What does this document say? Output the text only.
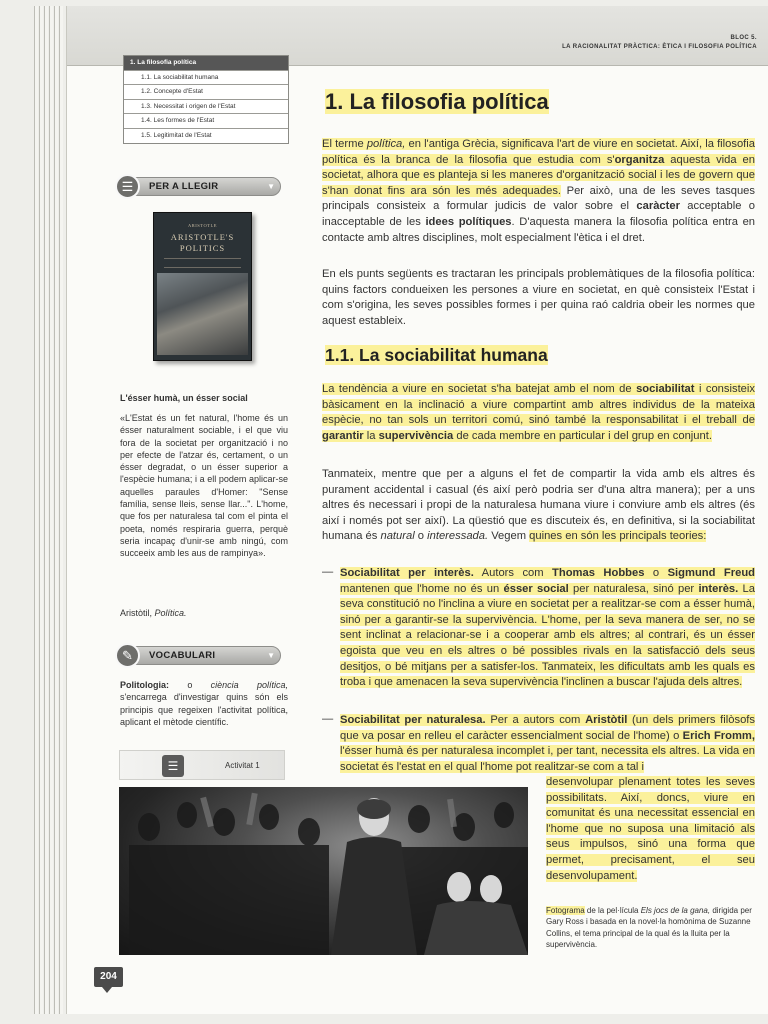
BLOC 5.
LA RACIONALITAT PRÀCTICA: ÈTICA I FILOSOFIA POLÍTICA
1. La filosofia política
1.1. La sociabilitat humana
1.2. Concepte d'Estat
1.3. Necessitat i origen de l'Estat
1.4. Les formes de l'Estat
1.5. Legitimitat de l'Estat
☰	PER A LLEGIR	▼
ARISTOTLE
ARISTOTLE'S
POLITICS
L'ésser humà, un ésser social
«L'Estat és un fet natural, l'home és un ésser naturalment sociable, i el que viu fora de la societat per organització i no per efecte de l'atzar és, certament, o un ésser degradat, o un ésser superior a l'espècie humana; i a ell podem aplicar-se aquelles paraules d'Homer: "Sense família, sense lleis, sense llar...". L'home, que fos per naturalesa tal com el pinta el poeta, només respiraria guerra, perquè seria incapaç d'unir-se amb ningú, com succeeix amb les aus de rampinya».
Aristòtil, Política.
✎	VOCABULARI	▼
Politologia: o ciència política, s'encarrega d'investigar quins són els principis que regeixen l'activitat política, aplicant el mètode científic.
☰	Activitat 1
Fotograma de la pel·lícula Els jocs de la gana, dirigida per Gary Ross i basada en la novel·la homònima de Suzanne Collins, el tema principal de la qual és la lluita per la supervivència.
204
1. La filosofia política
El terme política, en l'antiga Grècia, significava l'art de viure en societat. Així, la filosofia política és la branca de la filosofia que estudia com s'organitza aquesta vida en societat, alhora que es planteja si les maneres d'organització social i les de govern que s'han donat fins ara són les més adequades. Per això, una de les seves tasques principals consisteix a formular judicis de valor sobre el caràcter acceptable o inacceptable de les idees polítiques. D'aquesta manera la filosofia política entra en contacte amb altres disciplines, molt especialment l'ètica i el dret.
En els punts següents es tractaran les principals problemàtiques de la filosofia política: quins factors condueixen les persones a viure en societat, en què consisteix l'Estat i com s'origina, les seves possibles formes i per quina raó caldria obeir les normes que aquest estableix.
1.1. La sociabilitat humana
La tendència a viure en societat s'ha batejat amb el nom de sociabilitat i consisteix bàsicament en la inclinació a viure compartint amb altres individus de la mateixa espècie, no tan sols un territori comú, sinó també la responsabilitat i el treball de garantir la supervivència de cada membre en particular i del grup en conjunt.
Tanmateix, mentre que per a alguns el fet de compartir la vida amb els altres és purament accidental i casual (és així però podria ser d'una altra manera); per a uns altres és necessari i propi de la naturalesa humana viure i conviure amb els altres (és així i només pot ser així). La qüestió que es discuteix és, en definitiva, si la sociabilitat humana és natural o interessada. Vegem quines en són les principals teories:
— Sociabilitat per interès. Autors com Thomas Hobbes o Sigmund Freud mantenen que l'home no és un ésser social per naturalesa, sinó per interès. La seva constitució no l'inclina a viure en societat per a realitzar-se com a ésser humà, sinó per a garantir-se la supervivència. L'home, per la seva manera de ser, no se sent inclinat a relacionar-se i a cooperar amb els altres; al contrari, és un ésser egoista que veu en els altres o bé possibles rivals en la satisfacció dels seus desitjos, o bé mitjans per a satisfer-los. Tanmateix, les dificultats amb les quals es troba i que amenacen la seva supervivència l'inclinen a buscar l'ajuda dels altres.
— Sociabilitat per naturalesa. Per a autors com Aristòtil (un dels primers filòsofs que va posar en relleu el caràcter essencialment social de l'home) o Erich Fromm, l'ésser humà és per naturalesa incomplet i, per tant, necessita els altres. La vida en societat és l'estat en el qual l'home pot realitzar-se com a tal i
desenvolupar plenament totes les seves possibilitats. Així, doncs, viure en comunitat és una necessitat essencial en l'home que no suposa una limitació als seus impulsos, sinó una forma que permet, precisament, el seu desenvolupament.
